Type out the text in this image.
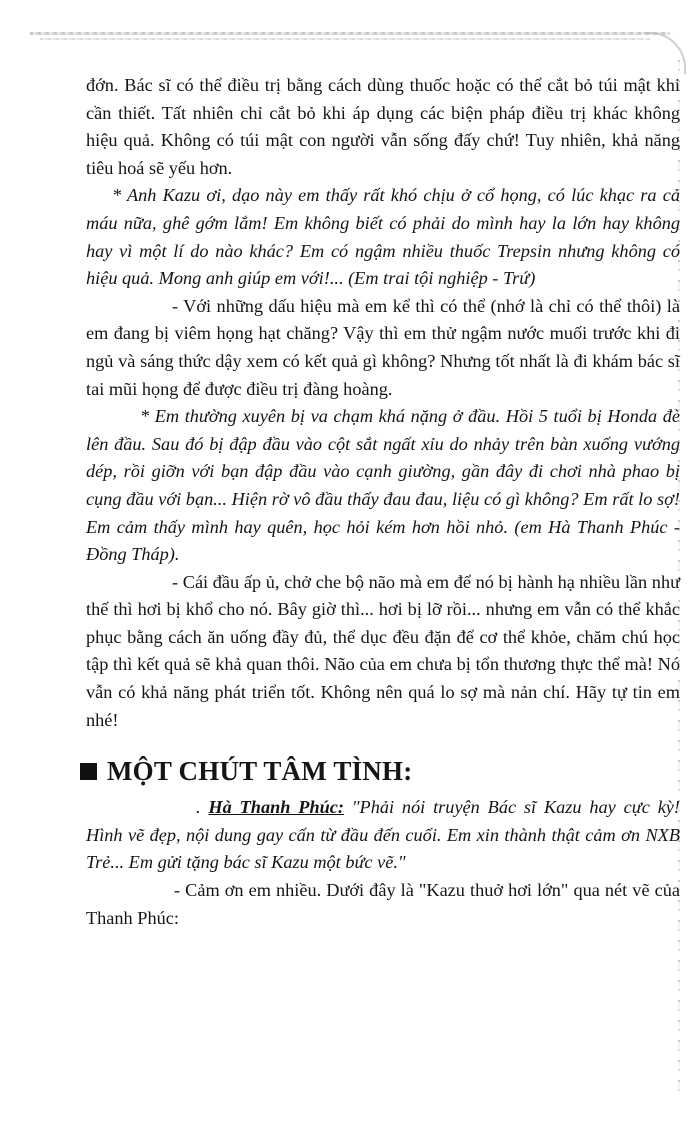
đớn. Bác sĩ có thể điều trị bằng cách dùng thuốc hoặc có thể cắt bỏ túi mật khi cần thiết. Tất nhiên chỉ cắt bỏ khi áp dụng các biện pháp điều trị khác không hiệu quả. Không có túi mật con người vẫn sống đấy chứ! Tuy nhiên, khả năng tiêu hoá sẽ yếu hơn.

* Anh Kazu ơi, dạo này em thấy rất khó chịu ở cổ họng, có lúc khạc ra cả máu nữa, ghê gớm lắm! Em không biết có phải do mình hay la lớn hay không hay vì một lí do nào khác? Em có ngậm nhiều thuốc Trepsin nhưng không có hiệu quả. Mong anh giúp em với!... (Em trai tội nghiệp - Trứ)

- Với những dấu hiệu mà em kể thì có thể (nhớ là chỉ có thể thôi) là em đang bị viêm họng hạt chăng? Vậy thì em thử ngậm nước muối trước khi đi ngủ và sáng thức dậy xem có kết quả gì không? Nhưng tốt nhất là đi khám bác sĩ tai mũi họng để được điều trị đàng hoàng.

* Em thường xuyên bị va chạm khá nặng ở đầu. Hồi 5 tuổi bị Honda đè lên đầu. Sau đó bị đập đầu vào cột sắt ngất xỉu do nhảy trên bàn xuống vướng dép, rồi giỡn với bạn đập đầu vào cạnh giường, gần đây đi chơi nhà phao bị cụng đầu với bạn... Hiện rờ vô đầu thấy đau đau, liệu có gì không? Em rất lo sợ! Em cảm thấy mình hay quên, học hỏi kém hơn hồi nhỏ. (em Hà Thanh Phúc - Đồng Tháp).

- Cái đầu ấp ủ, chở che bộ não mà em để nó bị hành hạ nhiều lần như thế thì hơi bị khổ cho nó. Bây giờ thì... hơi bị lỡ rồi... nhưng em vẫn có thể khắc phục bằng cách ăn uống đầy đủ, thể dục đều đặn để cơ thể khỏe, chăm chú học tập thì kết quả sẽ khả quan thôi. Não của em chưa bị tổn thương thực thể mà! Nó vẫn có khả năng phát triển tốt. Không nên quá lo sợ mà nản chí. Hãy tự tin em nhé!

MỘT CHÚT TÂM TÌNH:

. Hà Thanh Phúc: "Phải nói truyện Bác sĩ Kazu hay cực kỳ! Hình vẽ đẹp, nội dung gay cấn từ đầu đến cuối. Em xin thành thật cảm ơn NXB Trẻ... Em gửi tặng bác sĩ Kazu một bức vẽ."

- Cảm ơn em nhiều. Dưới đây là "Kazu thuở hơi lớn" qua nét vẽ của Thanh Phúc:
